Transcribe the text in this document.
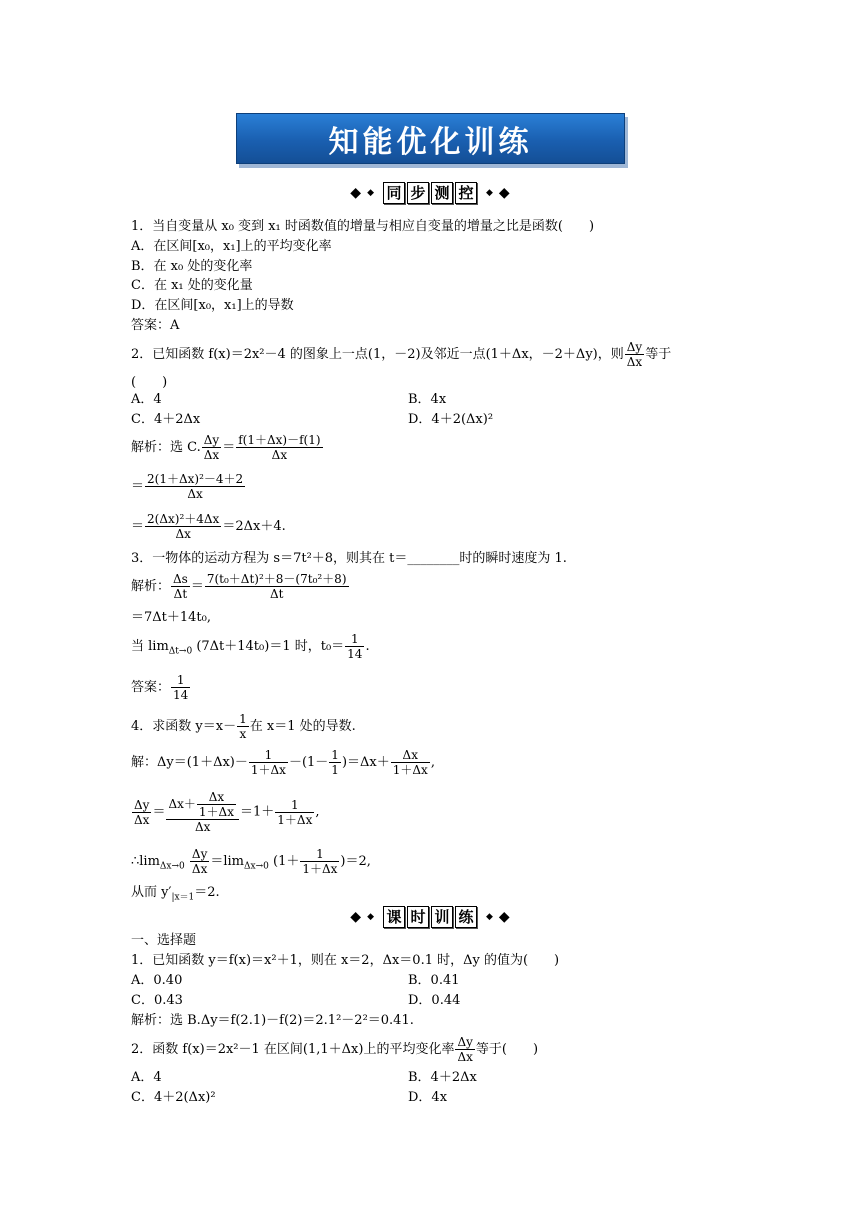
知能优化训练
◆ ◆ 同 步 测 控	◆ ◆
1．当自变量从 x₀ 变到 x₁ 时函数值的增量与相应自变量的增量之比是函数(　　)
A．在区间[x₀，x₁]上的平均变化率
B．在 x₀ 处的变化率
C．在 x₁ 处的变化量
D．在区间[x₀，x₁]上的导数
答案：A
2．已知函数 f(x)＝2x²－4 的图象上一点(1，－2)及邻近一点(1＋Δx，－2＋Δy)，则 $\frac{\Delta y}{\Delta x}$ 等于
(　　)
A．4	B．4x
C．4＋2Δx	D．4＋2(Δx)²
解析：选 C. $\frac{\Delta y}{\Delta x} = \frac{f(1+\Delta x)-f(1)}{\Delta x}$
＝ $\frac{\text{2(1＋Δx)²－4＋2}}{\Delta x}$
＝ $\frac{\text{2(Δx)²＋4Δx}}{\Delta x} =2\Delta x+4$.
3．一物体的运动方程为 s＝7t²＋8，则其在 t＝________时的瞬时速度为 1.
解析： $\frac{\Delta s}{\Delta t} = \frac{\text{7(t₀＋Δt)²＋8－(7t₀²＋8)}}{\Delta t}$
＝7Δt＋14t₀,
当 $\lim_{\Delta t\to 0} (7\Delta t+14t_0)=1$ 时，$t_0= \frac{1}{14}$ .
答案： $\frac{1}{14}$
4．求函数 $y=x- \frac{1}{x}$ 在 x＝1 处的导数.
解：$\Delta y=(1+\Delta x)- \frac{1}{1+\Delta x} -(1- \frac{1}{1} )=\Delta x+ \frac{\Delta x}{1+\Delta x}$ ,
$\frac{\Delta y}{\Delta x} = \frac{\Delta x+ \frac{\Delta x}{1+\Delta x}}{\Delta x} =1+ \frac{1}{1+\Delta x}$ ,
$\therefore\lim_{\Delta x\to 0} \frac{\Delta y}{\Delta x} =\lim_{\Delta x\to 0}$ $(1+ \frac{1}{1+\Delta x} )=2$,
从而 $y'_{|x=1}=2$.
◆ ◆ 课 时 训 练	◆ ◆
一、选择题
1．已知函数 y＝f(x)＝x²＋1，则在 x＝2，Δx＝0.1 时，Δy 的值为(　　)
A．0.40	B．0.41
C．0.43	D．0.44
解析：选 B.Δy＝f(2.1)－f(2)＝2.1²－2²＝0.41.
2．函数 f(x)＝2x²－1 在区间(1,1＋Δx)上的平均变化率 $\frac{\Delta y}{\Delta x}$ 等于(　　)
A．4	B．4＋2Δx
C．4＋2(Δx)²	D．4x
